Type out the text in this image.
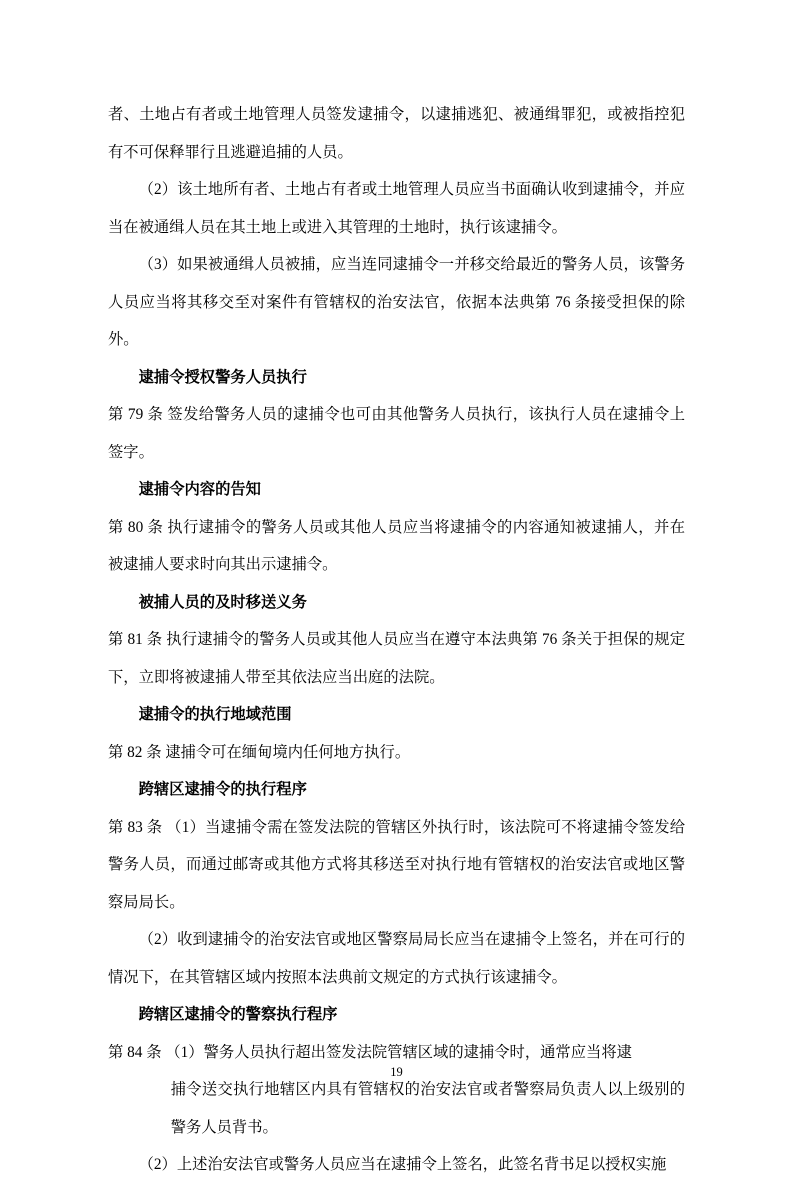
者、土地占有者或土地管理人员签发逮捕令，以逮捕逃犯、被通缉罪犯，或被指控犯有不可保释罪行且逃避追捕的人员。

（2）该土地所有者、土地占有者或土地管理人员应当书面确认收到逮捕令，并应当在被通缉人员在其土地上或进入其管理的土地时，执行该逮捕令。

（3）如果被通缉人员被捕，应当连同逮捕令一并移交给最近的警务人员，该警务人员应当将其移交至对案件有管辖权的治安法官，依据本法典第 76 条接受担保的除外。

逮捕令授权警务人员执行

第 79 条 签发给警务人员的逮捕令也可由其他警务人员执行，该执行人员在逮捕令上签字。

逮捕令内容的告知

第 80 条 执行逮捕令的警务人员或其他人员应当将逮捕令的内容通知被逮捕人，并在被逮捕人要求时向其出示逮捕令。

被捕人员的及时移送义务

第 81 条 执行逮捕令的警务人员或其他人员应当在遵守本法典第 76 条关于担保的规定下，立即将被逮捕人带至其依法应当出庭的法院。

逮捕令的执行地域范围

第 82 条 逮捕令可在缅甸境内任何地方执行。

跨辖区逮捕令的执行程序

第 83 条 （1）当逮捕令需在签发法院的管辖区外执行时，该法院可不将逮捕令签发给警务人员，而通过邮寄或其他方式将其移送至对执行地有管辖权的治安法官或地区警察局局长。

（2）收到逮捕令的治安法官或地区警察局局长应当在逮捕令上签名，并在可行的情况下，在其管辖区域内按照本法典前文规定的方式执行该逮捕令。

跨辖区逮捕令的警察执行程序

第 84 条 （1）警务人员执行超出签发法院管辖区域的逮捕令时，通常应当将逮

捕令送交执行地辖区内具有管辖权的治安法官或者警察局负责人以上级别的警务人员背书。

（2）上述治安法官或警务人员应当在逮捕令上签名，此签名背书足以授权实施

19
